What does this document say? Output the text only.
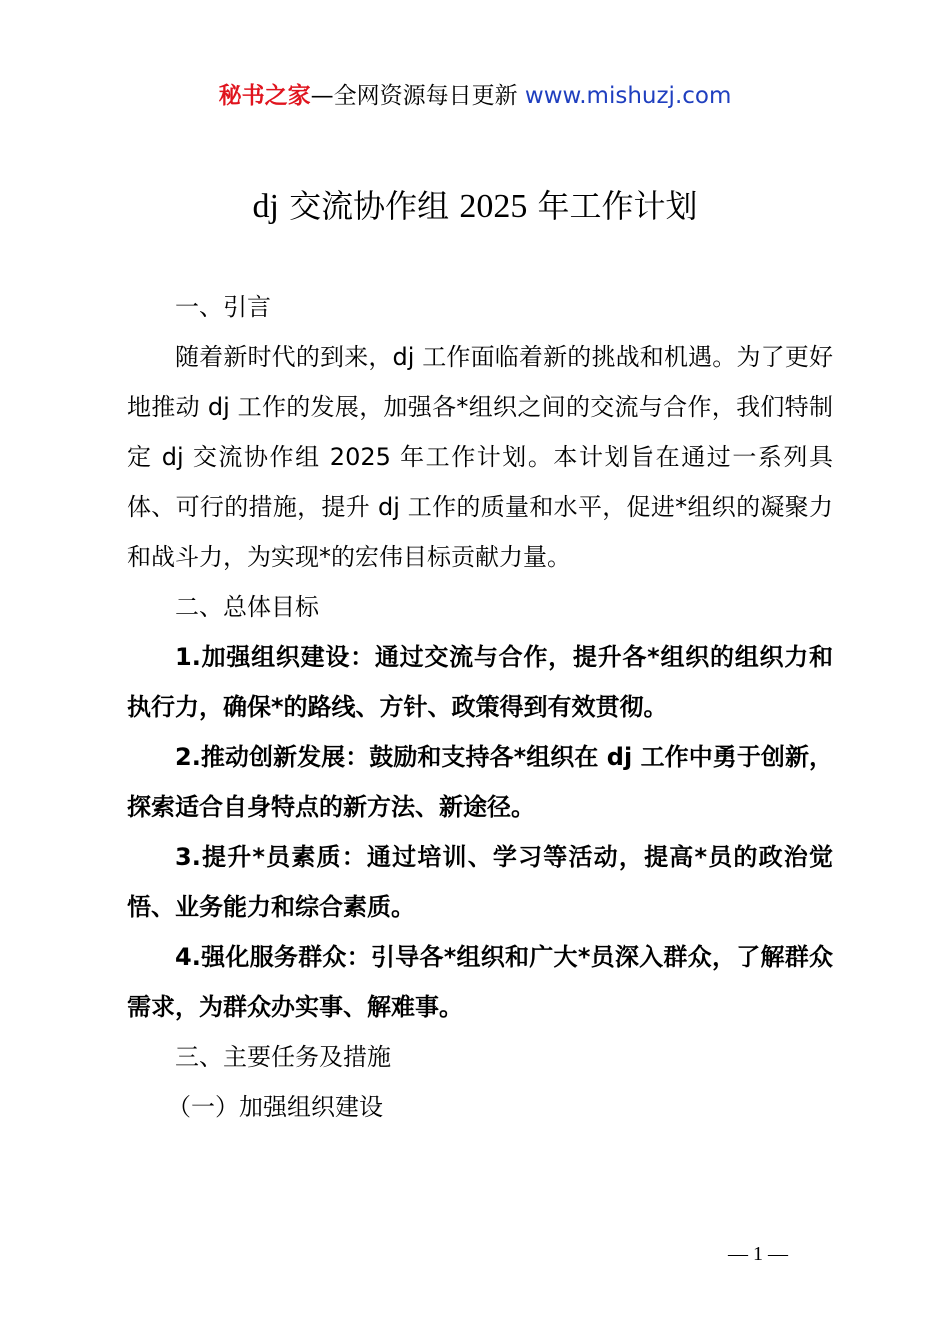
秘书之家—全网资源每日更新 www.mishuzj.com
dj 交流协作组 2025 年工作计划

一、引言

随着新时代的到来，dj 工作面临着新的挑战和机遇。为了更好地推动 dj 工作的发展，加强各*组织之间的交流与合作，我们特制定 dj 交流协作组 2025 年工作计划。本计划旨在通过一系列具体、可行的措施，提升 dj 工作的质量和水平，促进*组织的凝聚力和战斗力，为实现*的宏伟目标贡献力量。

二、总体目标

1.加强组织建设：通过交流与合作，提升各*组织的组织力和执行力，确保*的路线、方针、政策得到有效贯彻。

2.推动创新发展：鼓励和支持各*组织在 dj 工作中勇于创新，探索适合自身特点的新方法、新途径。

3.提升*员素质：通过培训、学习等活动，提高*员的政治觉悟、业务能力和综合素质。

4.强化服务群众：引导各*组织和广大*员深入群众，了解群众需求，为群众办实事、解难事。

三、主要任务及措施

（一）加强组织建设

— 1 —
